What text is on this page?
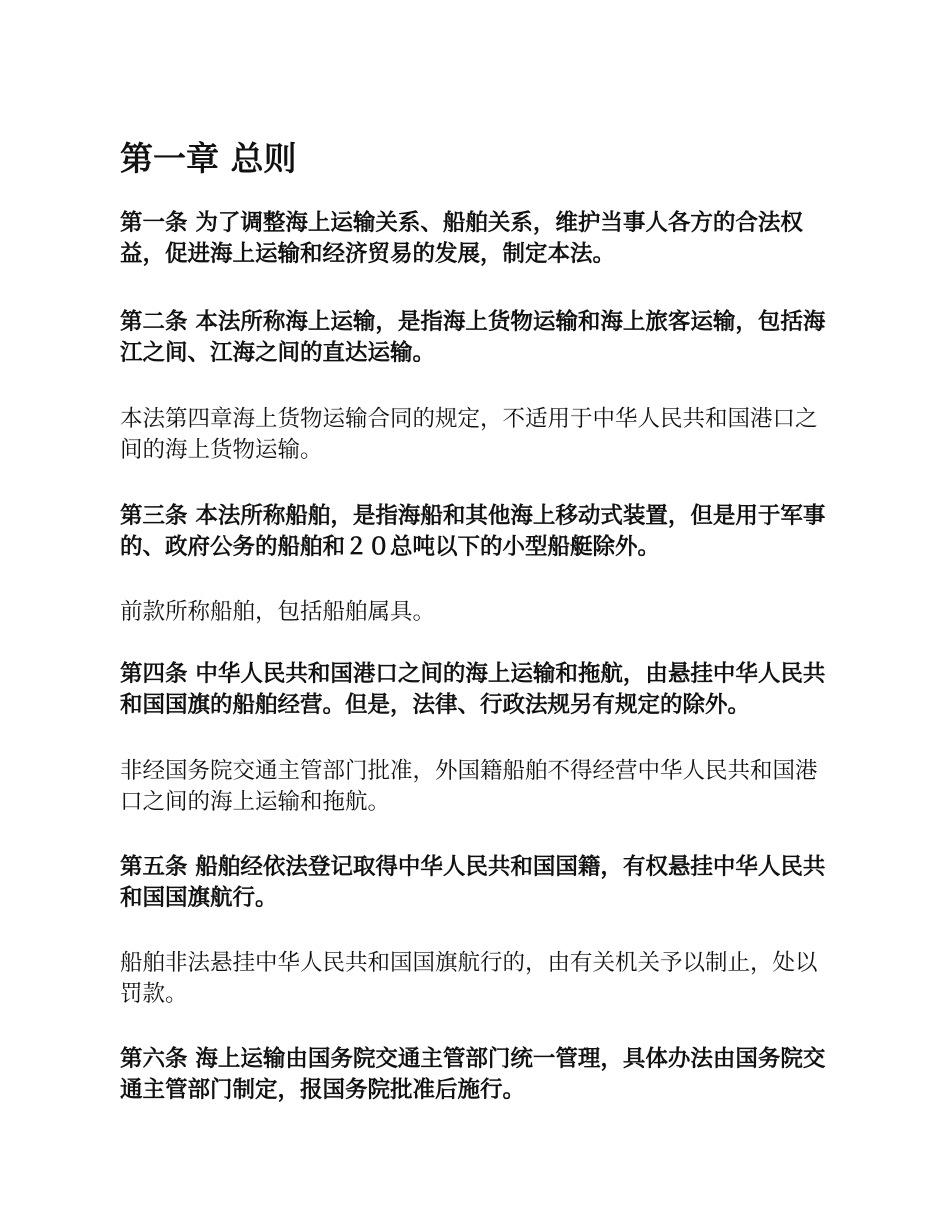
第一章 总则

第一条 为了调整海上运输关系、船舶关系，维护当事人各方的合法权益，促进海上运输和经济贸易的发展，制定本法。

第二条 本法所称海上运输，是指海上货物运输和海上旅客运输，包括海江之间、江海之间的直达运输。

本法第四章海上货物运输合同的规定，不适用于中华人民共和国港口之间的海上货物运输。

第三条 本法所称船舶，是指海船和其他海上移动式装置，但是用于军事的、政府公务的船舶和２０总吨以下的小型船艇除外。

前款所称船舶，包括船舶属具。

第四条 中华人民共和国港口之间的海上运输和拖航，由悬挂中华人民共和国国旗的船舶经营。但是，法律、行政法规另有规定的除外。

非经国务院交通主管部门批准，外国籍船舶不得经营中华人民共和国港口之间的海上运输和拖航。

第五条 船舶经依法登记取得中华人民共和国国籍，有权悬挂中华人民共和国国旗航行。

船舶非法悬挂中华人民共和国国旗航行的，由有关机关予以制止，处以罚款。

第六条 海上运输由国务院交通主管部门统一管理，具体办法由国务院交通主管部门制定，报国务院批准后施行。
